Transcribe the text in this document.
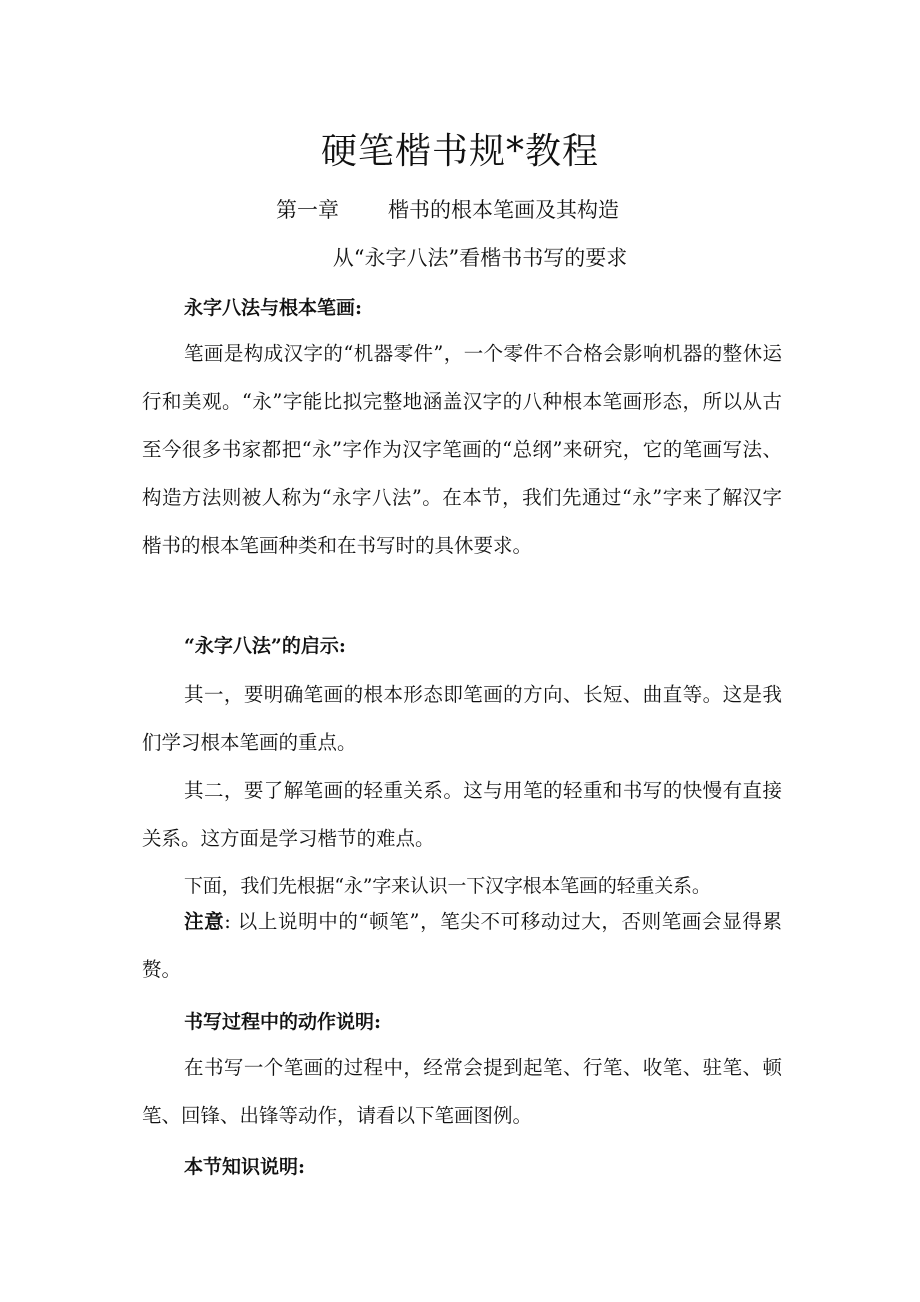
硬笔楷书规*教程
第一章 楷书的根本笔画及其构造
从“永字八法”看楷书书写的要求
永字八法与根本笔画:

笔画是构成汉字的“机器零件”，一个零件不合格会影响机器的整休运行和美观。“永”字能比拟完整地涵盖汉字的八种根本笔画形态，所以从古至今很多书家都把“永”字作为汉字笔画的“总纲”来研究，它的笔画写法、构造方法则被人称为“永字八法”。在本节，我们先通过“永”字来了解汉字楷书的根本笔画种类和在书写时的具休要求。

“永字八法”的启示:

其一，要明确笔画的根本形态即笔画的方向、长短、曲直等。这是我们学习根本笔画的重点。

其二，要了解笔画的轻重关系。这与用笔的轻重和书写的快慢有直接关系。这方面是学习楷节的难点。

下面，我们先根据“永”字来认识一下汉字根本笔画的轻重关系。

注意: 以上说明中的“顿笔”，笔尖不可移动过大，否则笔画会显得累赘。

书写过程中的动作说明:

在书写一个笔画的过程中，经常会提到起笔、行笔、收笔、驻笔、顿笔、回锋、出锋等动作，请看以下笔画图例。

本节知识说明:
